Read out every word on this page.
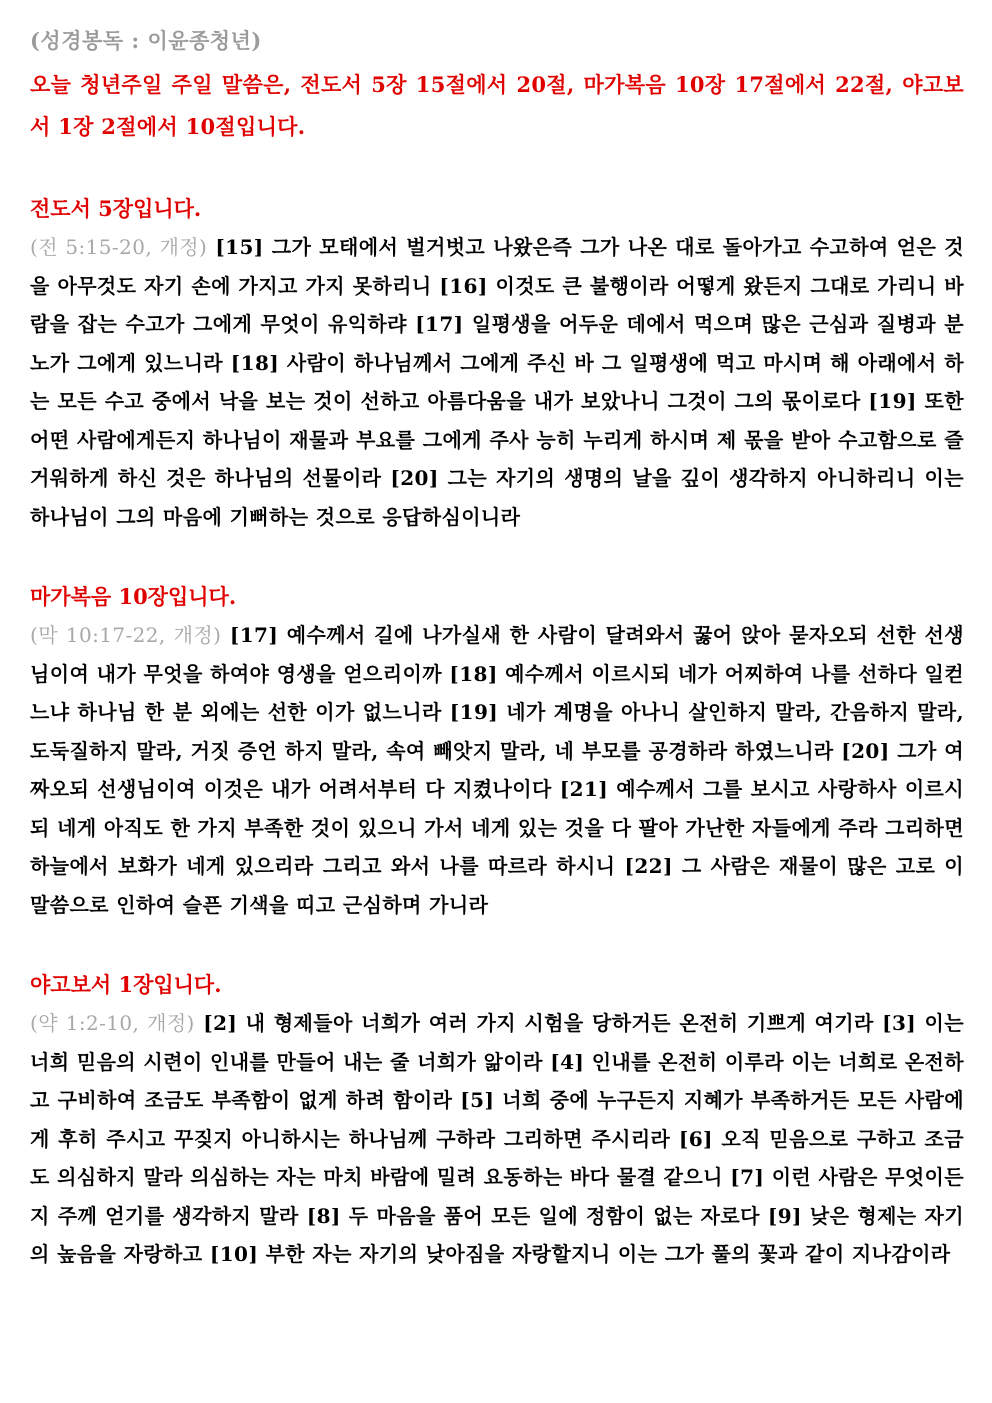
(성경봉독 : 이윤종청년)

오늘 청년주일 주일 말씀은, 전도서 5장 15절에서 20절, 마가복음 10장 17절에서 22절, 야고보서 1장 2절에서 10절입니다.

전도서 5장입니다.

(전 5:15-20, 개정) [15] 그가 모태에서 벌거벗고 나왔은즉 그가 나온 대로 돌아가고 수고하여 얻은 것을 아무것도 자기 손에 가지고 가지 못하리니 [16] 이것도 큰 불행이라 어떻게 왔든지 그대로 가리니 바람을 잡는 수고가 그에게 무엇이 유익하랴 [17] 일평생을 어두운 데에서 먹으며 많은 근심과 질병과 분노가 그에게 있느니라 [18] 사람이 하나님께서 그에게 주신 바 그 일평생에 먹고 마시며 해 아래에서 하는 모든 수고 중에서 낙을 보는 것이 선하고 아름다움을 내가 보았나니 그것이 그의 몫이로다 [19] 또한 어떤 사람에게든지 하나님이 재물과 부요를 그에게 주사 능히 누리게 하시며 제 몫을 받아 수고함으로 즐거워하게 하신 것은 하나님의 선물이라 [20] 그는 자기의 생명의 날을 깊이 생각하지 아니하리니 이는 하나님이 그의 마음에 기뻐하는 것으로 응답하심이니라

마가복음 10장입니다.

(막 10:17-22, 개정) [17] 예수께서 길에 나가실새 한 사람이 달려와서 꿇어 앉아 묻자오되 선한 선생님이여 내가 무엇을 하여야 영생을 얻으리이까 [18] 예수께서 이르시되 네가 어찌하여 나를 선하다 일컫느냐 하나님 한 분 외에는 선한 이가 없느니라 [19] 네가 계명을 아나니 살인하지 말라, 간음하지 말라, 도둑질하지 말라, 거짓 증언 하지 말라, 속여 빼앗지 말라, 네 부모를 공경하라 하였느니라 [20] 그가 여짜오되 선생님이여 이것은 내가 어려서부터 다 지켰나이다 [21] 예수께서 그를 보시고 사랑하사 이르시되 네게 아직도 한 가지 부족한 것이 있으니 가서 네게 있는 것을 다 팔아 가난한 자들에게 주라 그리하면 하늘에서 보화가 네게 있으리라 그리고 와서 나를 따르라 하시니 [22] 그 사람은 재물이 많은 고로 이 말씀으로 인하여 슬픈 기색을 띠고 근심하며 가니라

야고보서 1장입니다.

(약 1:2-10, 개정) [2] 내 형제들아 너희가 여러 가지 시험을 당하거든 온전히 기쁘게 여기라 [3] 이는 너희 믿음의 시련이 인내를 만들어 내는 줄 너희가 앎이라 [4] 인내를 온전히 이루라 이는 너희로 온전하고 구비하여 조금도 부족함이 없게 하려 함이라 [5] 너희 중에 누구든지 지혜가 부족하거든 모든 사람에게 후히 주시고 꾸짖지 아니하시는 하나님께 구하라 그리하면 주시리라 [6] 오직 믿음으로 구하고 조금도 의심하지 말라 의심하는 자는 마치 바람에 밀려 요동하는 바다 물결 같으니 [7] 이런 사람은 무엇이든지 주께 얻기를 생각하지 말라 [8] 두 마음을 품어 모든 일에 정함이 없는 자로다 [9] 낮은 형제는 자기의 높음을 자랑하고 [10] 부한 자는 자기의 낮아짐을 자랑할지니 이는 그가 풀의 꽃과 같이 지나감이라
